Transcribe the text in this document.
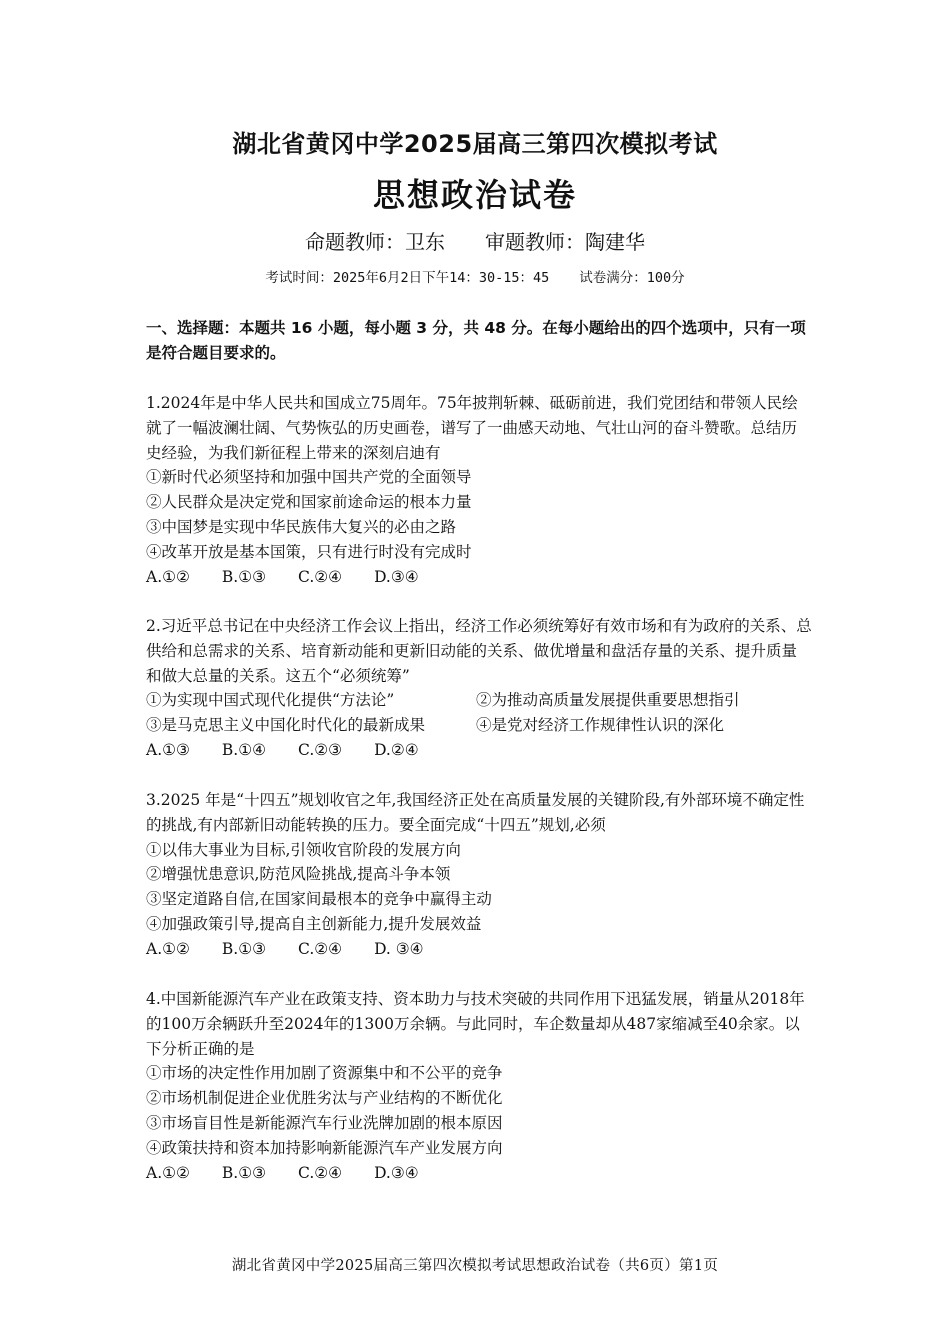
湖北省黄冈中学2025届高三第四次模拟考试
思想政治试卷
命题教师：卫东 审题教师：陶建华
考试时间：2025年6月2日下午14：30-15：45 试卷满分：100分
一、选择题：本题共 16 小题，每小题 3 分，共 48 分。在每小题给出的四个选项中，只有一项是符合题目要求的。

1.2024年是中华人民共和国成立75周年。75年披荆斩棘、砥砺前进，我们党团结和带领人民绘就了一幅波澜壮阔、气势恢弘的历史画卷，谱写了一曲感天动地、气壮山河的奋斗赞歌。总结历史经验，为我们新征程上带来的深刻启迪有

①新时代必须坚持和加强中国共产党的全面领导

②人民群众是决定党和国家前途命运的根本力量

③中国梦是实现中华民族伟大复兴的必由之路

④改革开放是基本国策，只有进行时没有完成时

A.①② B.①③ C.②④ D.③④

2.习近平总书记在中央经济工作会议上指出，经济工作必须统筹好有效市场和有为政府的关系、总供给和总需求的关系、培育新动能和更新旧动能的关系、做优增量和盘活存量的关系、提升质量和做大总量的关系。这五个“必须统筹”

①为实现中国式现代化提供“方法论”	②为推动高质量发展提供重要思想指引
③是马克思主义中国化时代化的最新成果	④是党对经济工作规律性认识的深化
A.①③ B.①④ C.②③ D.②④

3.2025 年是“十四五”规划收官之年,我国经济正处在高质量发展的关键阶段,有外部环境不确定性的挑战,有内部新旧动能转换的压力。要全面完成“十四五”规划,必须

①以伟大事业为目标,引领收官阶段的发展方向

②增强忧患意识,防范风险挑战,提高斗争本领

③坚定道路自信,在国家间最根本的竞争中赢得主动

④加强政策引导,提高自主创新能力,提升发展效益

A.①② B.①③ C.②④ D. ③④

4.中国新能源汽车产业在政策支持、资本助力与技术突破的共同作用下迅猛发展，销量从2018年的100万余辆跃升至2024年的1300万余辆。与此同时，车企数量却从487家缩减至40余家。以下分析正确的是

①市场的决定性作用加剧了资源集中和不公平的竞争

②市场机制促进企业优胜劣汰与产业结构的不断优化

③市场盲目性是新能源汽车行业洗牌加剧的根本原因

④政策扶持和资本加持影响新能源汽车产业发展方向

A.①② B.①③ C.②④ D.③④
湖北省黄冈中学2025届高三第四次模拟考试思想政治试卷（共6页）第1页
